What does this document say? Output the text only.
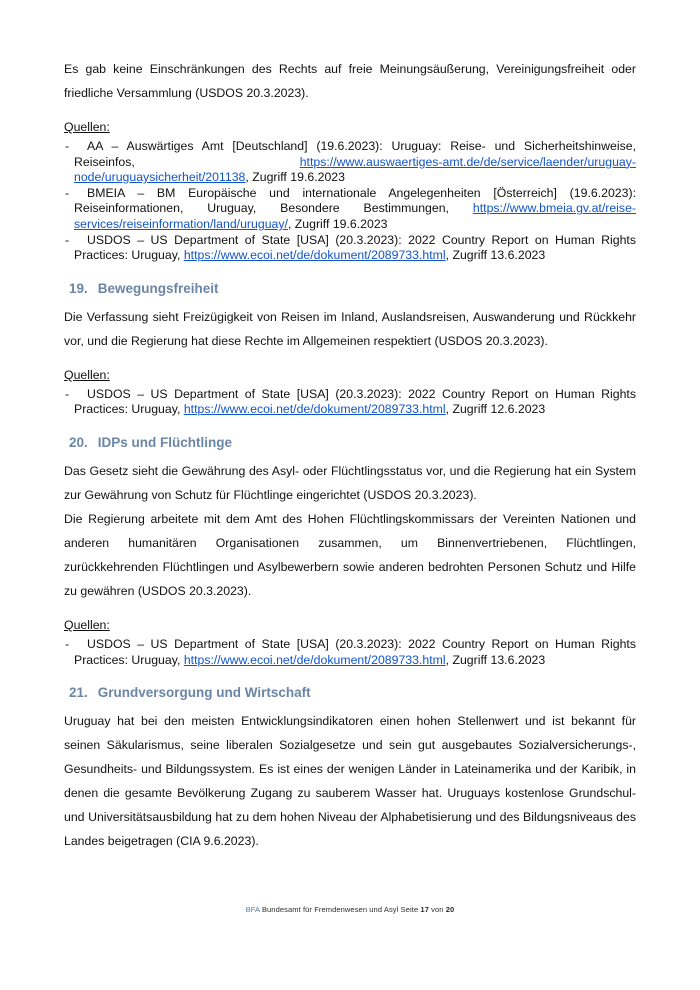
Es gab keine Einschränkungen des Rechts auf freie Meinungsäußerung, Vereinigungsfreiheit oder friedliche Versammlung (USDOS 20.3.2023).

Quellen:
- AA – Auswärtiges Amt [Deutschland] (19.6.2023): Uruguay: Reise- und Sicherheitshinweise, Reiseinfos, https://www.auswaertiges-amt.de/de/service/laender/uruguay-node/uruguaysicherheit/201138, Zugriff 19.6.2023
- BMEIA – BM Europäische und internationale Angelegenheiten [Österreich] (19.6.2023): Reiseinformationen, Uruguay, Besondere Bestimmungen, https://www.bmeia.gv.at/reise-services/reiseinformation/land/uruguay/, Zugriff 19.6.2023
- USDOS – US Department of State [USA] (20.3.2023): 2022 Country Report on Human Rights Practices: Uruguay, https://www.ecoi.net/de/dokument/2089733.html, Zugriff 13.6.2023
19. Bewegungsfreiheit

Die Verfassung sieht Freizügigkeit von Reisen im Inland, Auslandsreisen, Auswanderung und Rückkehr vor, und die Regierung hat diese Rechte im Allgemeinen respektiert (USDOS 20.3.2023).

Quellen:
- USDOS – US Department of State [USA] (20.3.2023): 2022 Country Report on Human Rights Practices: Uruguay, https://www.ecoi.net/de/dokument/2089733.html, Zugriff 12.6.2023
20. IDPs und Flüchtlinge

Das Gesetz sieht die Gewährung des Asyl- oder Flüchtlingsstatus vor, und die Regierung hat ein System zur Gewährung von Schutz für Flüchtlinge eingerichtet (USDOS 20.3.2023).

Die Regierung arbeitete mit dem Amt des Hohen Flüchtlingskommissars der Vereinten Nationen und anderen humanitären Organisationen zusammen, um Binnenvertriebenen, Flüchtlingen, zurückkehrenden Flüchtlingen und Asylbewerbern sowie anderen bedrohten Personen Schutz und Hilfe zu gewähren (USDOS 20.3.2023).

Quellen:
- USDOS – US Department of State [USA] (20.3.2023): 2022 Country Report on Human Rights Practices: Uruguay, https://www.ecoi.net/de/dokument/2089733.html, Zugriff 13.6.2023
21. Grundversorgung und Wirtschaft

Uruguay hat bei den meisten Entwicklungsindikatoren einen hohen Stellenwert und ist bekannt für seinen Säkularismus, seine liberalen Sozialgesetze und sein gut ausgebautes Sozialversicherungs-, Gesundheits- und Bildungssystem. Es ist eines der wenigen Länder in Lateinamerika und der Karibik, in denen die gesamte Bevölkerung Zugang zu sauberem Wasser hat. Uruguays kostenlose Grundschul- und Universitätsausbildung hat zu dem hohen Niveau der Alphabetisierung und des Bildungsniveaus des Landes beigetragen (CIA 9.6.2023).

BFA Bundesamt für Fremdenwesen und Asyl Seite 17 von 20
